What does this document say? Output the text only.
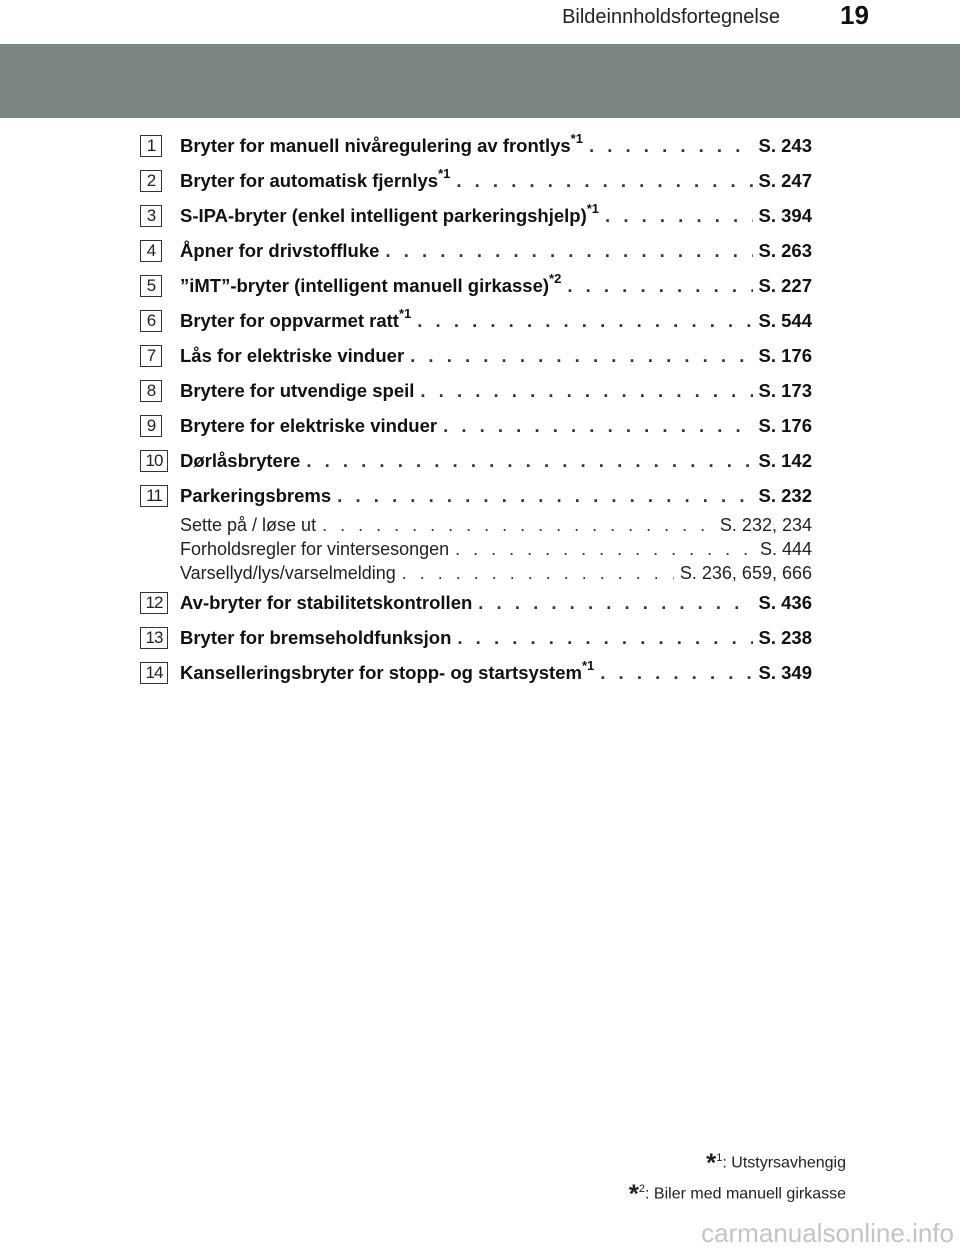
Bildeinnholdsfortegnelse 19
1	Bryter for manuell nivåregulering av frontlys$^{*1}$ . . .	S. 243
2	Bryter for automatisk fjernlys$^{*1}$ . . .	S. 247
3	S-IPA-bryter (enkel intelligent parkeringshjelp)$^{*1}$ . . .	S. 394
4	Åpner for drivstoffluke . . .	S. 263
5	”iMT”-bryter (intelligent manuell girkasse)$^{*2}$ . . .	S. 227
6	Bryter for oppvarmet ratt$^{*1}$ . . .	S. 544
7	Lås for elektriske vinduer . . .	S. 176
8	Brytere for utvendige speil . . .	S. 173
9	Brytere for elektriske vinduer . . .	S. 176
10 Dørlåsbrytere . . .	S. 142
11 Parkeringsbrems . . .	S. 232
Sette på / løse ut . . .	S. 232, 234
Forholdsregler for vintersesongen . . .	S. 444
Varsellyd/lys/varselmelding . . .	S. 236, 659, 666
12 Av-bryter for stabilitetskontrollen . . .	S. 436
13 Bryter for bremseholdfunksjon . . .	S. 238
14 Kanselleringsbryter for stopp- og startsystem$^{*1}$ . . .	S. 349
*$^1$: Utstyrsavhengig
*$^2$: Biler med manuell girkasse
carmanualsonline.info
